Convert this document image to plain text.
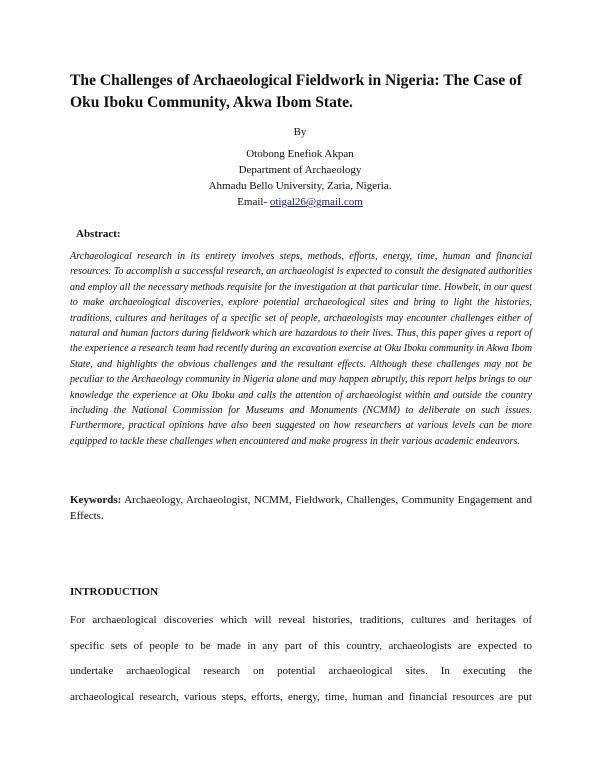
The Challenges of Archaeological Fieldwork in Nigeria: The Case of Oku Iboku Community, Akwa Ibom State.
By
Otobong Enefiok Akpan
Department of Archaeology
Ahmadu Bello University, Zaria, Nigeria.
Email- otigal26@gmail.com
Abstract:
Archaeological research in its entirety involves steps, methods, efforts, energy, time, human and financial resources. To accomplish a successful research, an archaeologist is expected to consult the designated authorities and employ all the necessary methods requisite for the investigation at that particular time. Howbeit, in our quest to make archaeological discoveries, explore potential archaeological sites and bring to light the histories, traditions, cultures and heritages of a specific set of people, archaeologists may encounter challenges either of natural and human factors during fieldwork which are hazardous to their lives. Thus, this paper gives a report of the experience a research team had recently during an excavation exercise at Oku Iboku community in Akwa Ibom State, and highlights the obvious challenges and the resultant effects. Although these challenges may not be peculiar to the Archaeology community in Nigeria alone and may happen abruptly, this report helps brings to our knowledge the experience at Oku Iboku and calls the attention of archaeologist within and outside the country including the National Commission for Museums and Monuments (NCMM) to deliberate on such issues. Furthermore, practical opinions have also been suggested on how researchers at various levels can be more equipped to tackle these challenges when encountered and make progress in their various academic endeavors.
Keywords: Archaeology, Archaeologist, NCMM, Fieldwork, Challenges, Community Engagement and Effects.
INTRODUCTION
For archaeological discoveries which will reveal histories, traditions, cultures and heritages of
specific sets of people to be made in any part of this country, archaeologists are expected to
undertake archaeological research on potential archaeological sites. In executing the
archaeological research, various steps, efforts, energy, time, human and financial resources are put
